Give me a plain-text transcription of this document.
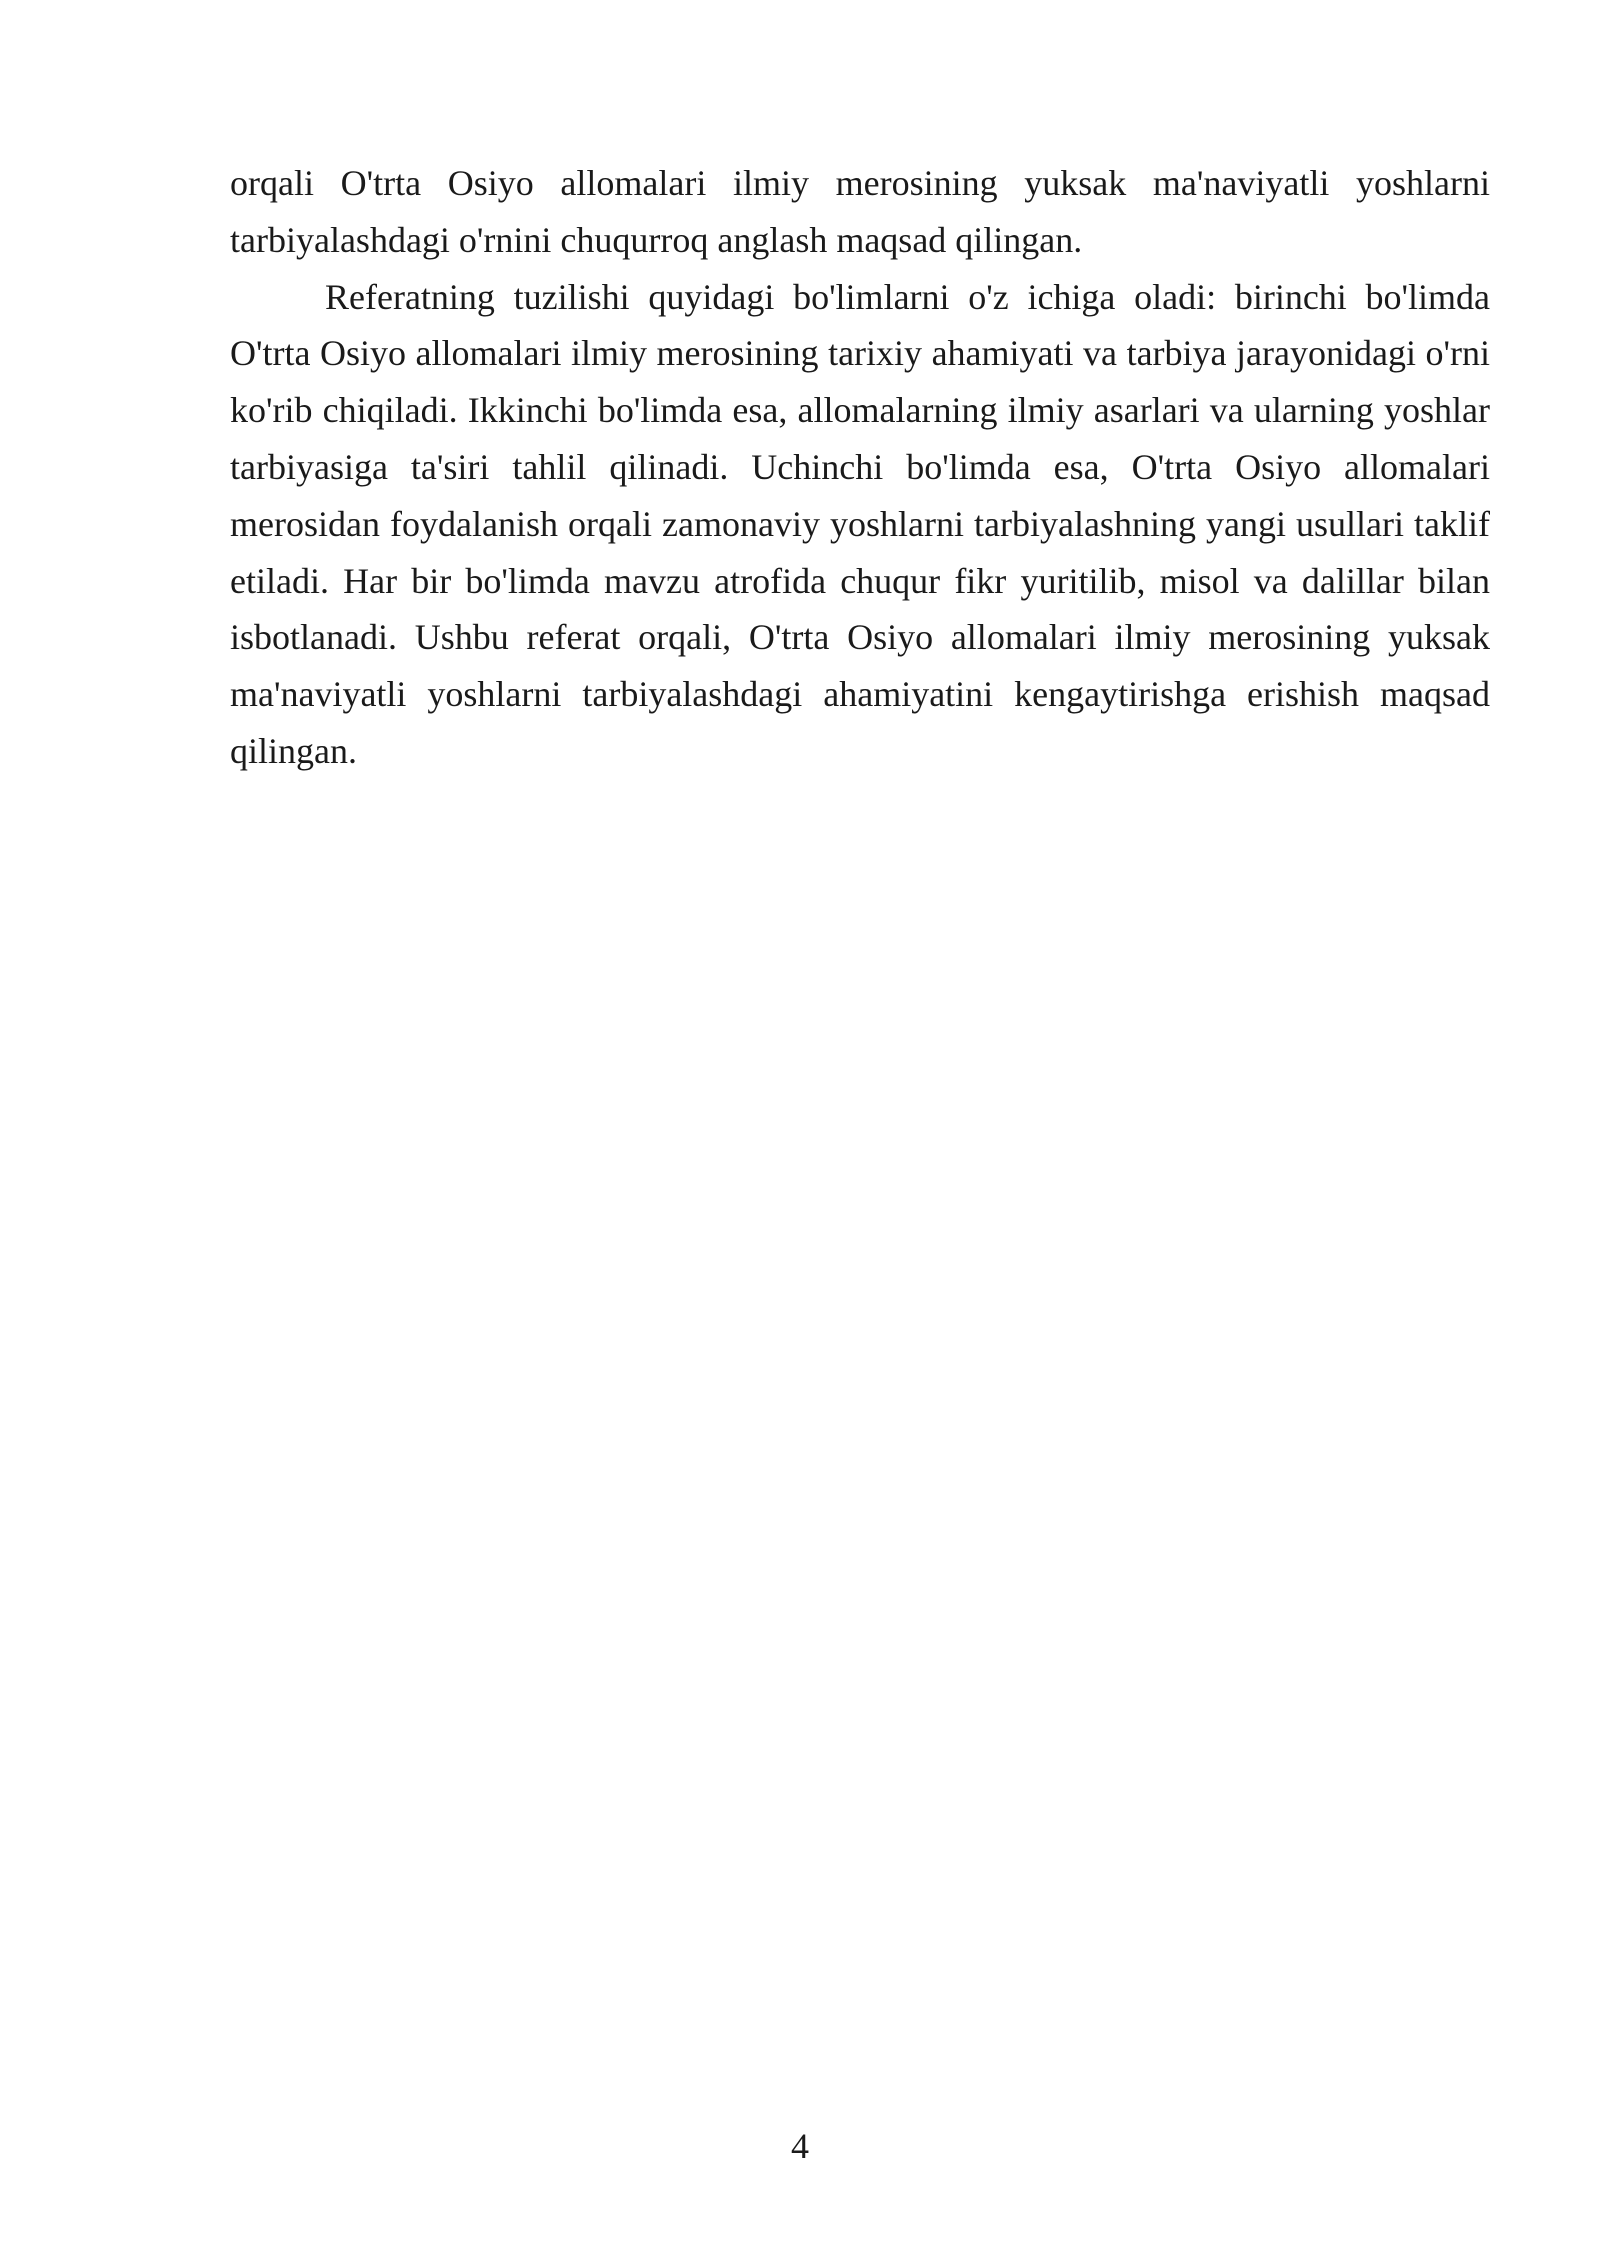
orqali O'trta Osiyo allomalari ilmiy merosining yuksak ma'naviyatli yoshlarni tarbiyalashdagi o'rnini chuqurroq anglash maqsad qilingan.

Referatning tuzilishi quyidagi bo'limlarni o'z ichiga oladi: birinchi bo'limda O'trta Osiyo allomalari ilmiy merosining tarixiy ahamiyati va tarbiya jarayonidagi o'rni ko'rib chiqiladi. Ikkinchi bo'limda esa, allomalarning ilmiy asarlari va ularning yoshlar tarbiyasiga ta'siri tahlil qilinadi. Uchinchi bo'limda esa, O'trta Osiyo allomalari merosidan foydalanish orqali zamonaviy yoshlarni tarbiyalashning yangi usullari taklif etiladi. Har bir bo'limda mavzu atrofida chuqur fikr yuritilib, misol va dalillar bilan isbotlanadi. Ushbu referat orqali, O'trta Osiyo allomalari ilmiy merosining yuksak ma'naviyatli yoshlarni tarbiyalashdagi ahamiyatini kengaytirishga erishish maqsad qilingan.

4
